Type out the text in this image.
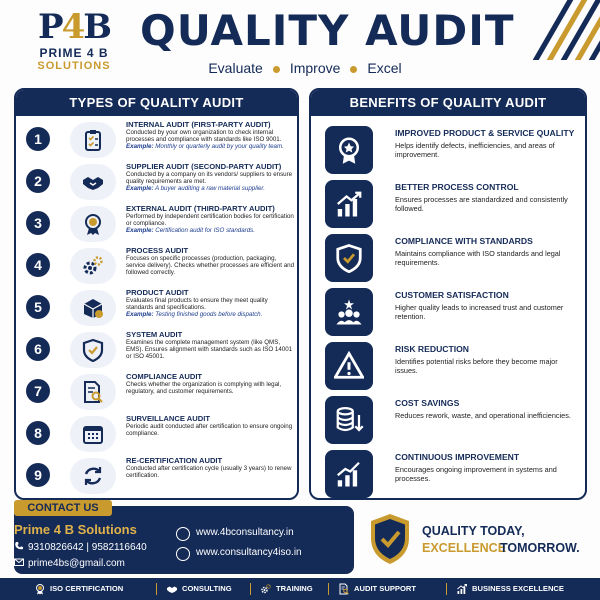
P4B
PRIME 4 B
SOLUTIONS
QUALITY AUDIT
Evaluate Improve Excel
TYPES OF QUALITY AUDIT
1
INTERNAL AUDIT (FIRST-PARTY AUDIT)
Conducted by your own organization to check internal processes and compliance with standards like ISO 9001.
Example: Monthly or quarterly audit by your quality team.
2
SUPPLIER AUDIT (SECOND-PARTY AUDIT)
Conducted by a company on its vendors/ suppliers to ensure quality requirements are met.
Example: A buyer auditing a raw material supplier.
3
EXTERNAL AUDIT (THIRD-PARTY AUDIT)
Performed by independent certification bodies for certification or compliance.
Example: Certification audit for ISO standards.
4
PROCESS AUDIT
Focuses on specific processes (production, packaging, service delivery). Checks whether processes are efficient and followed correctly.
5
PRODUCT AUDIT
Evaluates final products to ensure they meet quality standards and specifications.
Example: Testing finished goods before dispatch.
6
SYSTEM AUDIT
Examines the complete management system (like QMS, EMS). Ensures alignment with standards such as ISO 14001 or ISO 45001.
7
COMPLIANCE AUDIT
Checks whether the organization is complying with legal, regulatory, and customer requirements.
8
SURVEILLANCE AUDIT
Periodic audit conducted after certification to ensure ongoing compliance.
9
RE-CERTIFICATION AUDIT
Conducted after certification cycle (usually 3 years) to renew certification.
BENEFITS OF QUALITY AUDIT
IMPROVED PRODUCT & SERVICE QUALITY
Helps identify defects, inefficiencies, and areas of improvement.
BETTER PROCESS CONTROL
Ensures processes are standardized and consistently followed.
COMPLIANCE WITH STANDARDS
Maintains compliance with ISO standards and legal requirements.
CUSTOMER SATISFACTION
Higher quality leads to increased trust and customer retention.
RISK REDUCTION
Identifies potential risks before they become major issues.
COST SAVINGS
Reduces rework, waste, and operational inefficiencies.
CONTINUOUS IMPROVEMENT
Encourages ongoing improvement in systems and processes.
CONTACT US
Prime 4 B Solutions
9310826642 | 9582116640
prime4bs@gmail.com
www.4bconsultancy.in
www.consultancy4iso.in
QUALITY TODAY,
EXCELLENCE
TOMORROW.
ISO CERTIFICATION	CONSULTING	TRAINING	AUDIT SUPPORT	BUSINESS EXCELLENCE
